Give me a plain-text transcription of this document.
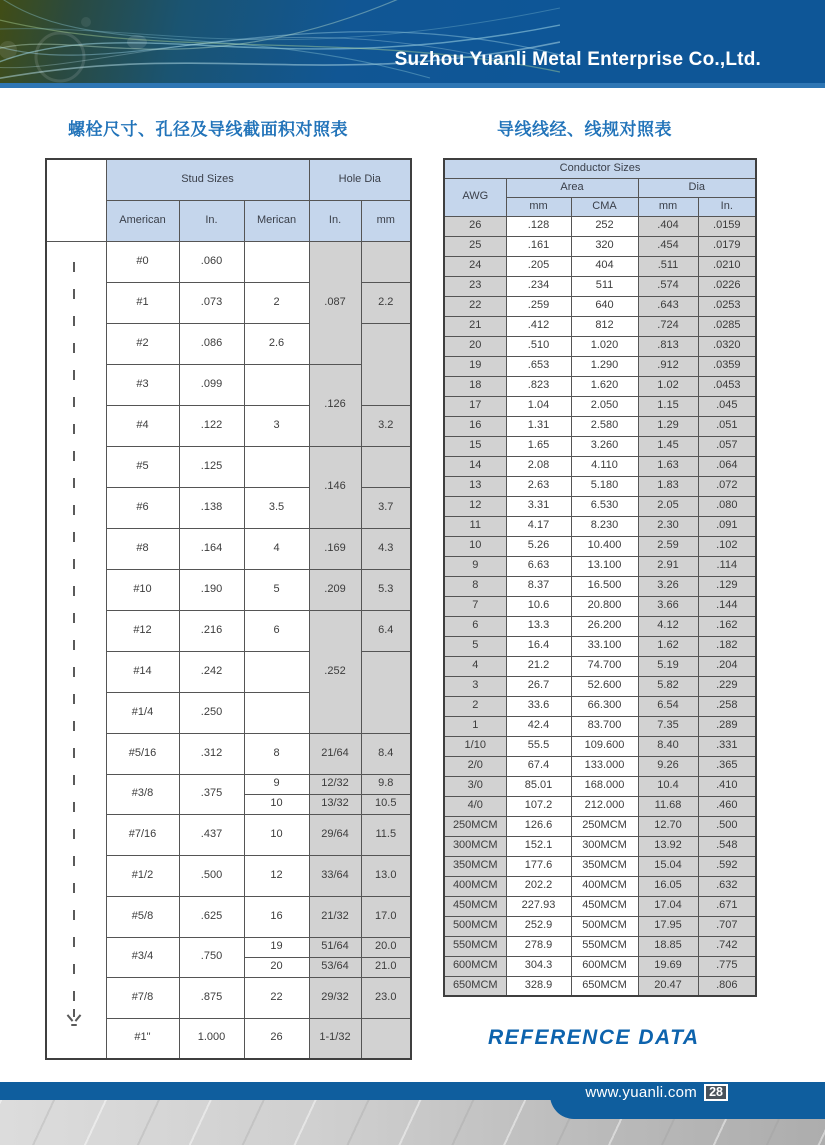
Suzhou Yuanli Metal Enterprise Co.,Ltd.
螺栓尺寸、孔径及导线截面积对照表	导线线经、线规对照表
	Stud Sizes			Hole Dia	
	American	In.	Merican	In.	mm
	#0	.060		.087	
	#1	.073	2		2.2
	#2	.086	2.6		
	#3	.099		.126	
	#4	.122	3		3.2
	#5	.125		.146	
	#6	.138	3.5		3.7
	#8	.164	4	.169	4.3
	#10	.190	5	.209	5.3
	#12	.216	6	.252	6.4
	#14	.242			
	#1/4	.250			
	#5/16	.312	8	21/64	8.4
	#3/8	.375	9	12/32	9.8
			10	13/32	10.5
	#7/16	.437	10	29/64	11.5
	#1/2	.500	12	33/64	13.0
	#5/8	.625	16	21/32	17.0
	#3/4	.750	19	51/64	20.0
			20	53/64	21.0
	#7/8	.875	22	29/32	23.0
	#1"	1.000	26	1-1/32	
Conductor Sizes				
AWG	Area		Dia	
	mm	CMA	mm	In.
26	.128	252	.404	.0159
25	.161	320	.454	.0179
24	.205	404	.511	.0210
23	.234	511	.574	.0226
22	.259	640	.643	.0253
21	.412	812	.724	.0285
20	.510	1.020	.813	.0320
19	.653	1.290	.912	.0359
18	.823	1.620	1.02	.0453
17	1.04	2.050	1.15	.045
16	1.31	2.580	1.29	.051
15	1.65	3.260	1.45	.057
14	2.08	4.110	1.63	.064
13	2.63	5.180	1.83	.072
12	3.31	6.530	2.05	.080
11	4.17	8.230	2.30	.091
10	5.26	10.400	2.59	.102
9	6.63	13.100	2.91	.114
8	8.37	16.500	3.26	.129
7	10.6	20.800	3.66	.144
6	13.3	26.200	4.12	.162
5	16.4	33.100	1.62	.182
4	21.2	74.700	5.19	.204
3	26.7	52.600	5.82	.229
2	33.6	66.300	6.54	.258
1	42.4	83.700	7.35	.289
1/10	55.5	109.600	8.40	.331
2/0	67.4	133.000	9.26	.365
3/0	85.01	168.000	10.4	.410
4/0	107.2	212.000	11.68	.460
250MCM	126.6	250MCM	12.70	.500
300MCM	152.1	300MCM	13.92	.548
350MCM	177.6	350MCM	15.04	.592
400MCM	202.2	400MCM	16.05	.632
450MCM	227.93	450MCM	17.04	.671
500MCM	252.9	500MCM	17.95	.707
550MCM	278.9	550MCM	18.85	.742
600MCM	304.3	600MCM	19.69	.775
650MCM	328.9	650MCM	20.47	.806
REFERENCE DATA
www.yuanli.com 28
